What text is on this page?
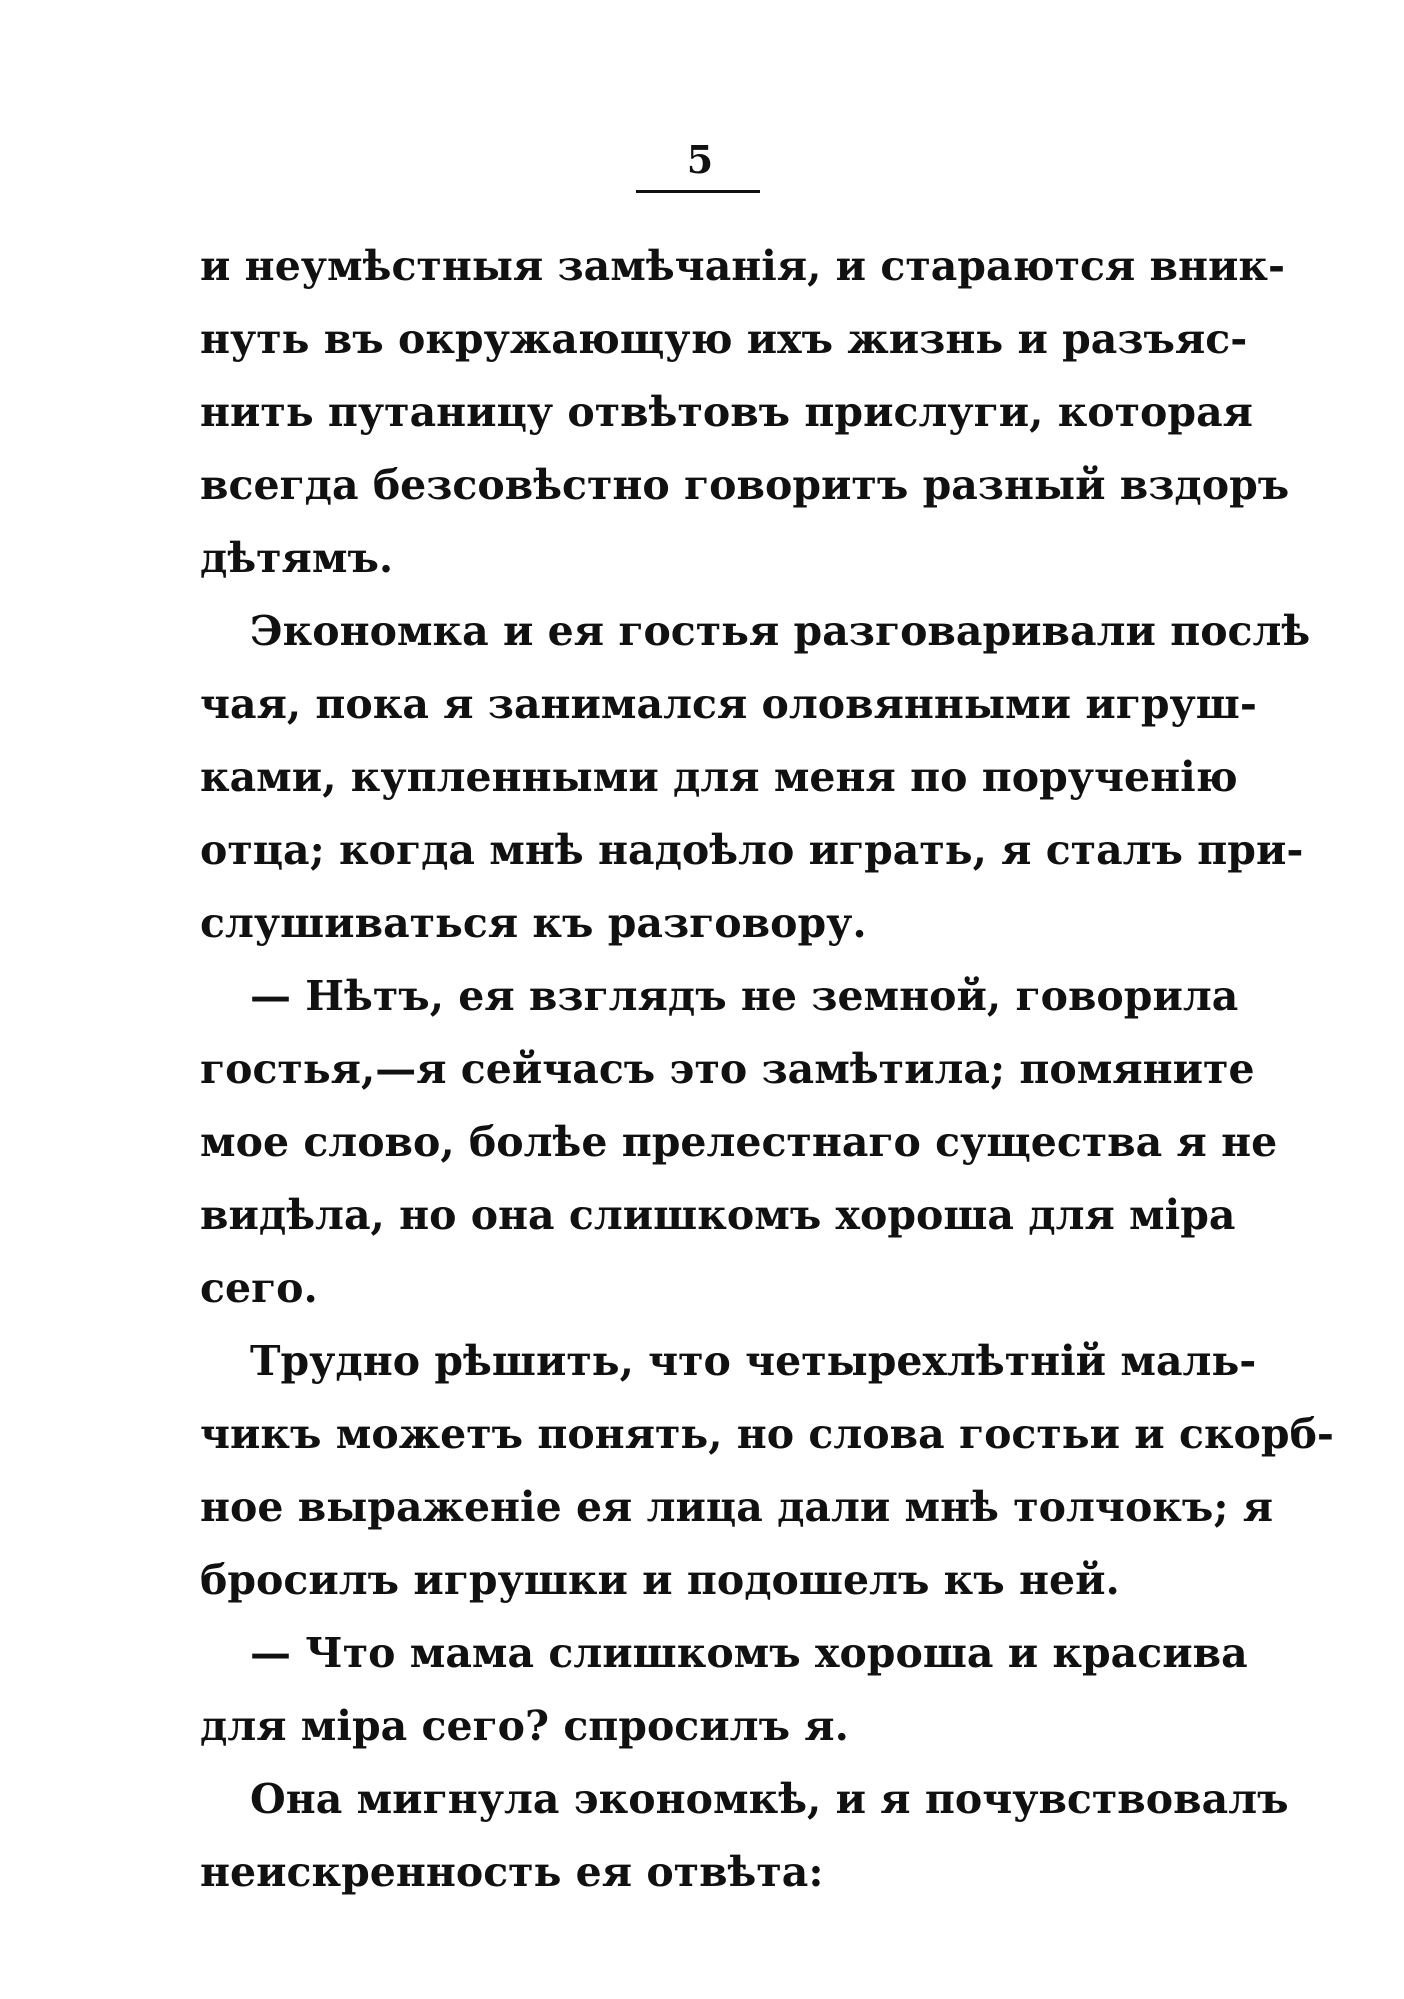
5
и неумѣстныя замѣчанія, и стараются вник-
нуть въ окружающую ихъ жизнь и разъяс-
нить путаницу отвѣтовъ прислуги, которая
всегда безсовѣстно говоритъ разный вздоръ
дѣтямъ.
Экономка и ея гостья разговаривали послѣ
чая, пока я занимался оловянными игруш-
ками, купленными для меня по порученію
отца; когда мнѣ надоѣло играть, я сталъ при-
слушиваться къ разговору.
— Нѣтъ, ея взглядъ не земной, говорила
гостья,—я сейчасъ это замѣтила; помяните
мое слово, болѣе прелестнаго существа я не
видѣла, но она слишкомъ хороша для міра
сего.
Трудно рѣшить, что четырехлѣтній маль-
чикъ можетъ понять, но слова гостьи и скорб-
ное выраженіе ея лица дали мнѣ толчокъ; я
бросилъ игрушки и подошелъ къ ней.
— Что мама слишкомъ хороша и красива
для міра сего? спросилъ я.
Она мигнула экономкѣ, и я почувствовалъ
неискренность ея отвѣта:
